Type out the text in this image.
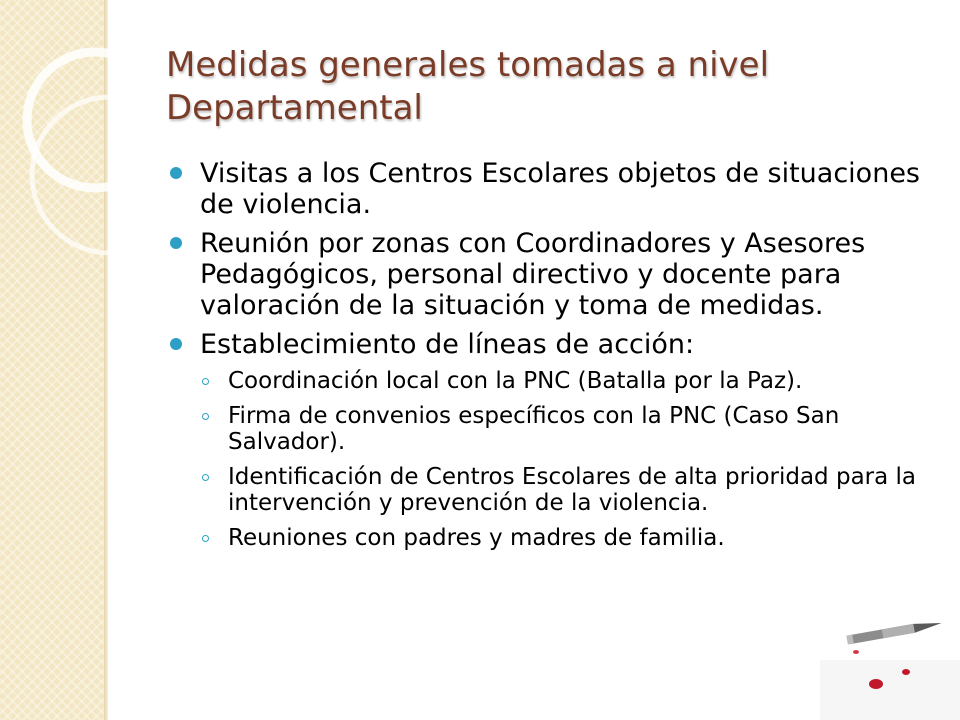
Medidas generales tomadas a nivel
Departamental
Visitas a los Centros Escolares objetos de situaciones de violencia.
Reunión por zonas con Coordinadores y Asesores Pedagógicos, personal directivo y docente para valoración de la situación y toma de medidas.
Establecimiento de líneas de acción:
Coordinación local con la PNC (Batalla por la Paz).
Firma de convenios específicos con la PNC (Caso San Salvador).
Identificación de Centros Escolares de alta prioridad para la intervención y prevención de la violencia.
Reuniones con padres y madres de familia.
